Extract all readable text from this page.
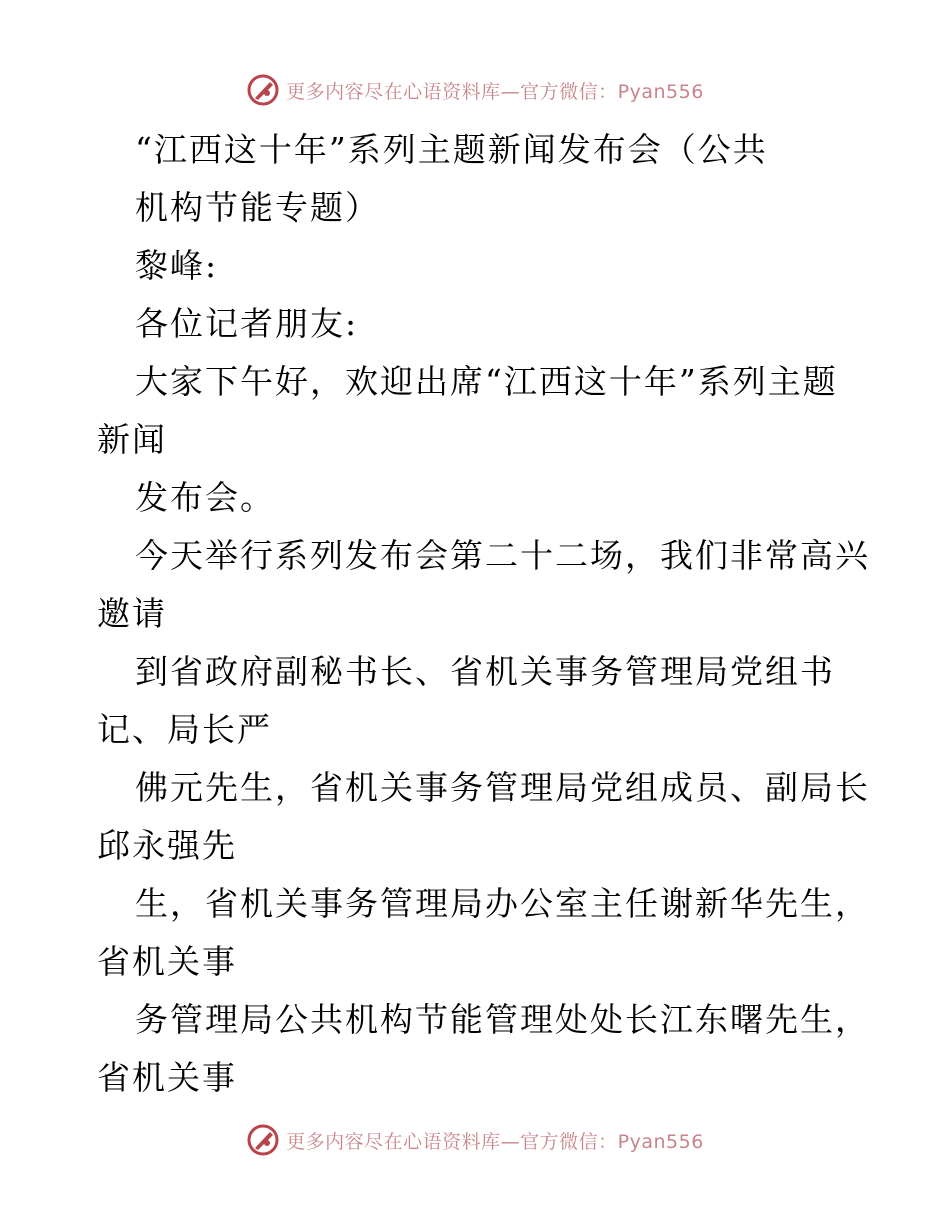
更多内容尽在心语资料库—官方微信：Pyan556
“江西这十年”系列主题新闻发布会（公共
机构节能专题）
黎峰:
各位记者朋友:
大家下午好，欢迎出席“江西这十年”系列主题
新闻
发布会。
今天举行系列发布会第二十二场，我们非常高兴
邀请
到省政府副秘书长、省机关事务管理局党组书
记、局长严
佛元先生，省机关事务管理局党组成员、副局长
邱永强先
生，省机关事务管理局办公室主任谢新华先生，
省机关事
务管理局公共机构节能管理处处长江东曙先生，
省机关事
更多内容尽在心语资料库—官方微信：Pyan556
